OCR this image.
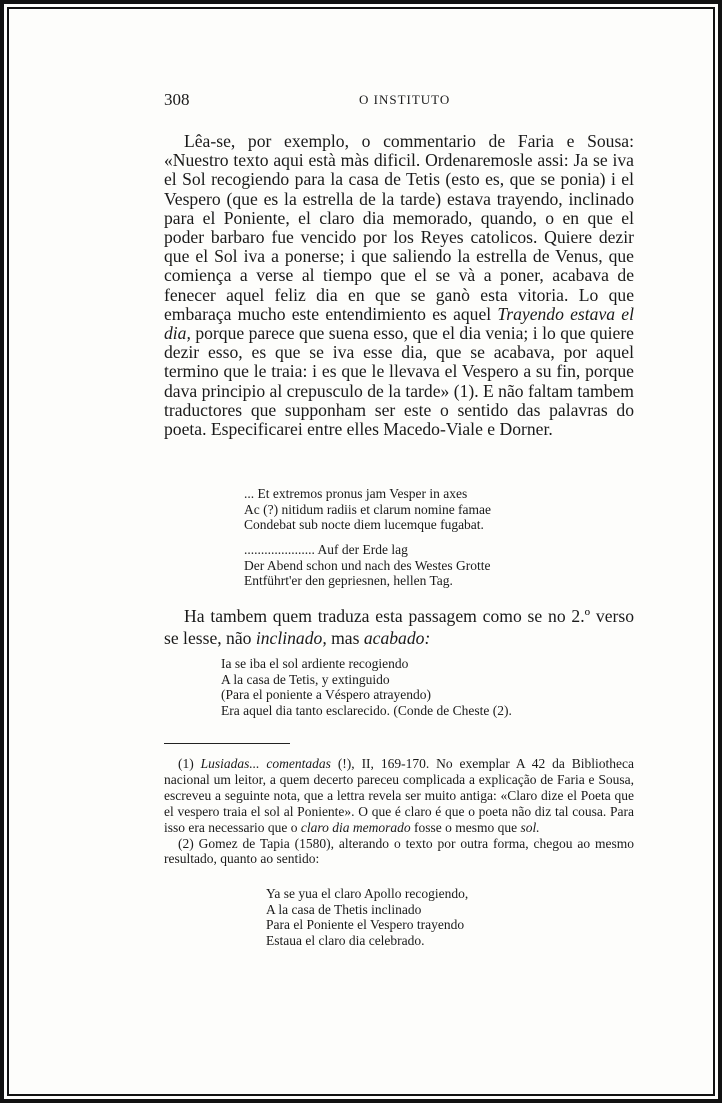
308	O INSTITUTO

Lêa-se, por exemplo, o commentario de Faria e Sousa: «Nuestro texto aqui està màs dificil. Ordenaremosle assi: Ja se iva el Sol recogiendo para la casa de Tetis (esto es, que se ponia) i el Vespero (que es la estrella de la tarde) estava trayendo, inclinado para el Poniente, el claro dia memorado, quando, o en que el poder barbaro fue vencido por los Reyes catolicos. Quiere dezir que el Sol iva a ponerse; i que saliendo la estrella de Venus, que comiença a verse al tiempo que el se và a poner, acabava de fenecer aquel feliz dia en que se ganò esta vitoria. Lo que embaraça mucho este entendimiento es aquel Trayendo estava el dia, porque parece que suena esso, que el dia venia; i lo que quiere dezir esso, es que se iva esse dia, que se acabava, por aquel termino que le traia: i es que le llevava el Vespero a su fin, porque dava principio al crepusculo de la tarde» (1). E não faltam tambem traductores que supponham ser este o sentido das palavras do poeta. Especificarei entre elles Macedo-Viale e Dorner.

... Et extremos pronus jam Vesper in axes

Ac (?) nitidum radiis et clarum nomine famae

Condebat sub nocte diem lucemque fugabat.

..................... Auf der Erde lag

Der Abend schon und nach des Westes Grotte

Entführt'er den gepriesnen, hellen Tag.

Ha tambem quem traduza esta passagem como se no 2.º verso se lesse, não inclinado, mas acabado:

Ia se iba el sol ardiente recogiendo

A la casa de Tetis, y extinguido

(Para el poniente a Véspero atrayendo)

Era aquel dia tanto esclarecido. (Conde de Cheste (2).

(1) Lusiadas... comentadas (!), II, 169-170. No exemplar A 42 da Bibliotheca nacional um leitor, a quem decerto pareceu complicada a explicação de Faria e Sousa, escreveu a seguinte nota, que a lettra revela ser muito antiga: «Claro dize el Poeta que el vespero traia el sol al Poniente». O que é claro é que o poeta não diz tal cousa. Para isso era necessario que o claro dia memorado fosse o mesmo que sol.

(2) Gomez de Tapia (1580), alterando o texto por outra forma, chegou ao mesmo resultado, quanto ao sentido:

Ya se yua el claro Apollo recogiendo,

A la casa de Thetis inclinado

Para el Poniente el Vespero trayendo

Estaua el claro dia celebrado.
